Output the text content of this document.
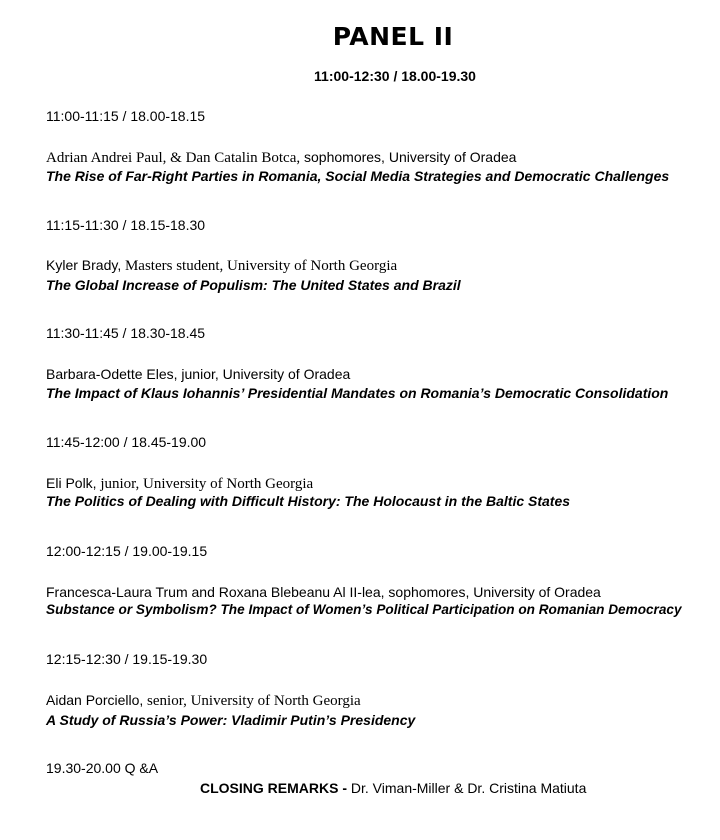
PANEL II
11:00-12:30 / 18.00-19.30
11:00-11:15 / 18.00-18.15
Adrian Andrei Paul, & Dan Catalin Botca, sophomores, University of Oradea
The Rise of Far-Right Parties in Romania, Social Media Strategies and Democratic Challenges
11:15-11:30 / 18.15-18.30
Kyler Brady, Masters student, University of North Georgia
The Global Increase of Populism: The United States and Brazil
11:30-11:45 / 18.30-18.45
Barbara-Odette Eles, junior, University of Oradea
The Impact of Klaus Iohannis’ Presidential Mandates on Romania’s Democratic Consolidation
11:45-12:00 / 18.45-19.00
Eli Polk, junior, University of North Georgia
The Politics of Dealing with Difficult History: The Holocaust in the Baltic States
12:00-12:15 / 19.00-19.15
Francesca-Laura Trum and Roxana Blebeanu Al II-lea, sophomores, University of Oradea
Substance or Symbolism? The Impact of Women’s Political Participation on Romanian Democracy
12:15-12:30 / 19.15-19.30
Aidan Porciello, senior, University of North Georgia
A Study of Russia’s Power: Vladimir Putin’s Presidency
19.30-20.00 Q &A
CLOSING REMARKS - Dr. Viman-Miller & Dr. Cristina Matiuta
